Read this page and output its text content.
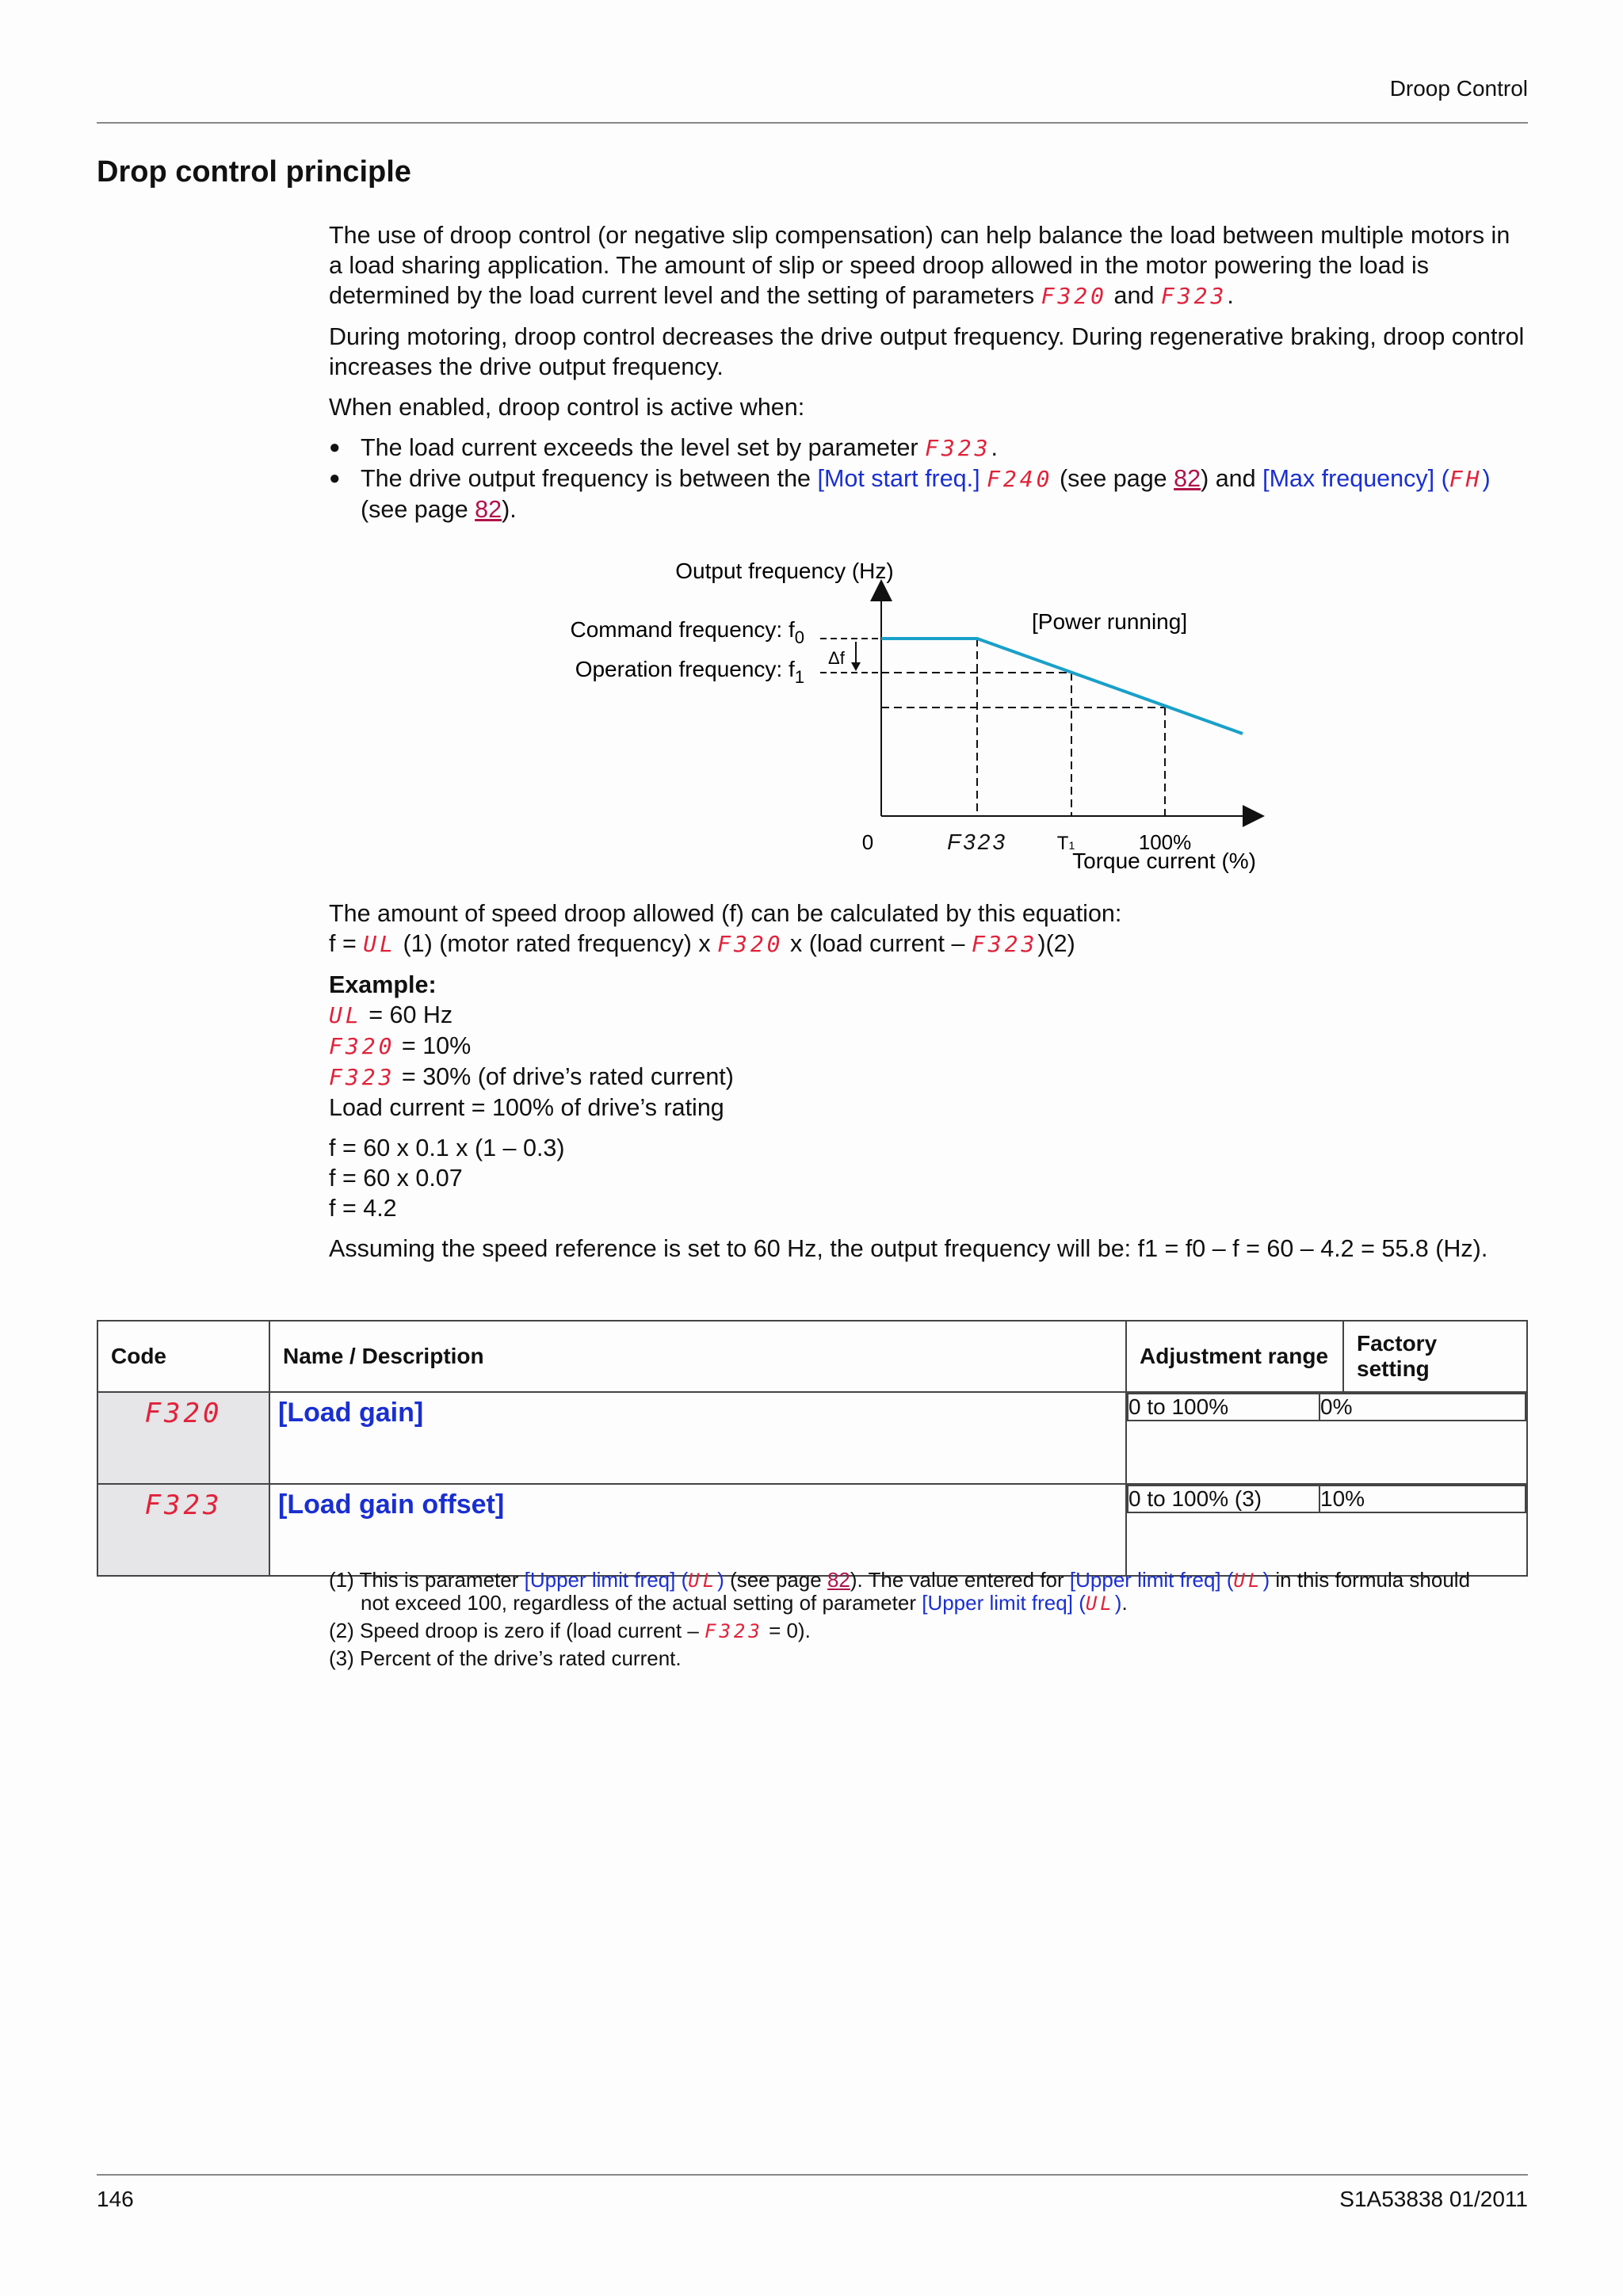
Droop Control
Drop control principle

The use of droop control (or negative slip compensation) can help balance the load between multiple motors in a load sharing application. The amount of slip or speed droop allowed in the motor powering the load is determined by the load current level and the setting of parameters F320 and F323.

During motoring, droop control decreases the drive output frequency. During regenerative braking, droop control increases the drive output frequency.

When enabled, droop control is active when:

● The load current exceeds the level set by parameter F323.
● The drive output frequency is between the [Mot start freq.] F240 (see page 82) and [Max frequency] (FH) (see page 82).
Output frequency (Hz)
Command frequency: $f_0$
Operation frequency: $f_1$
Δf
[Power running]
0	F323	T1	100%
Torque current (%)
The amount of speed droop allowed (f) can be calculated by this equation:
f = UL (1) (motor rated frequency) x F320 x (load current – F323)(2)
Example:
UL = 60 Hz
F320 = 10%
F323 = 30% (of drive’s rated current)
Load current = 100% of drive’s rating
f = 60 x 0.1 x (1 – 0.3)
f = 60 x 0.07
f = 4.2
Assuming the speed reference is set to 60 Hz, the output frequency will be: f1 = f0 – f = 60 – 4.2 = 55.8 (Hz).
Code	Name / Description	Adjustment range	Factory setting

F320	[Load gain]		0 to 100%	0%

F323	[Load gain offset]		0 to 100% (3)	10%
(1) This is parameter [Upper limit freq] (UL) (see page 82). The value entered for [Upper limit freq] (UL) in this formula should
not exceed 100, regardless of the actual setting of parameter [Upper limit freq] (UL).
(2) Speed droop is zero if (load current – F323 = 0).
(3) Percent of the drive’s rated current.
146	S1A53838 01/2011
